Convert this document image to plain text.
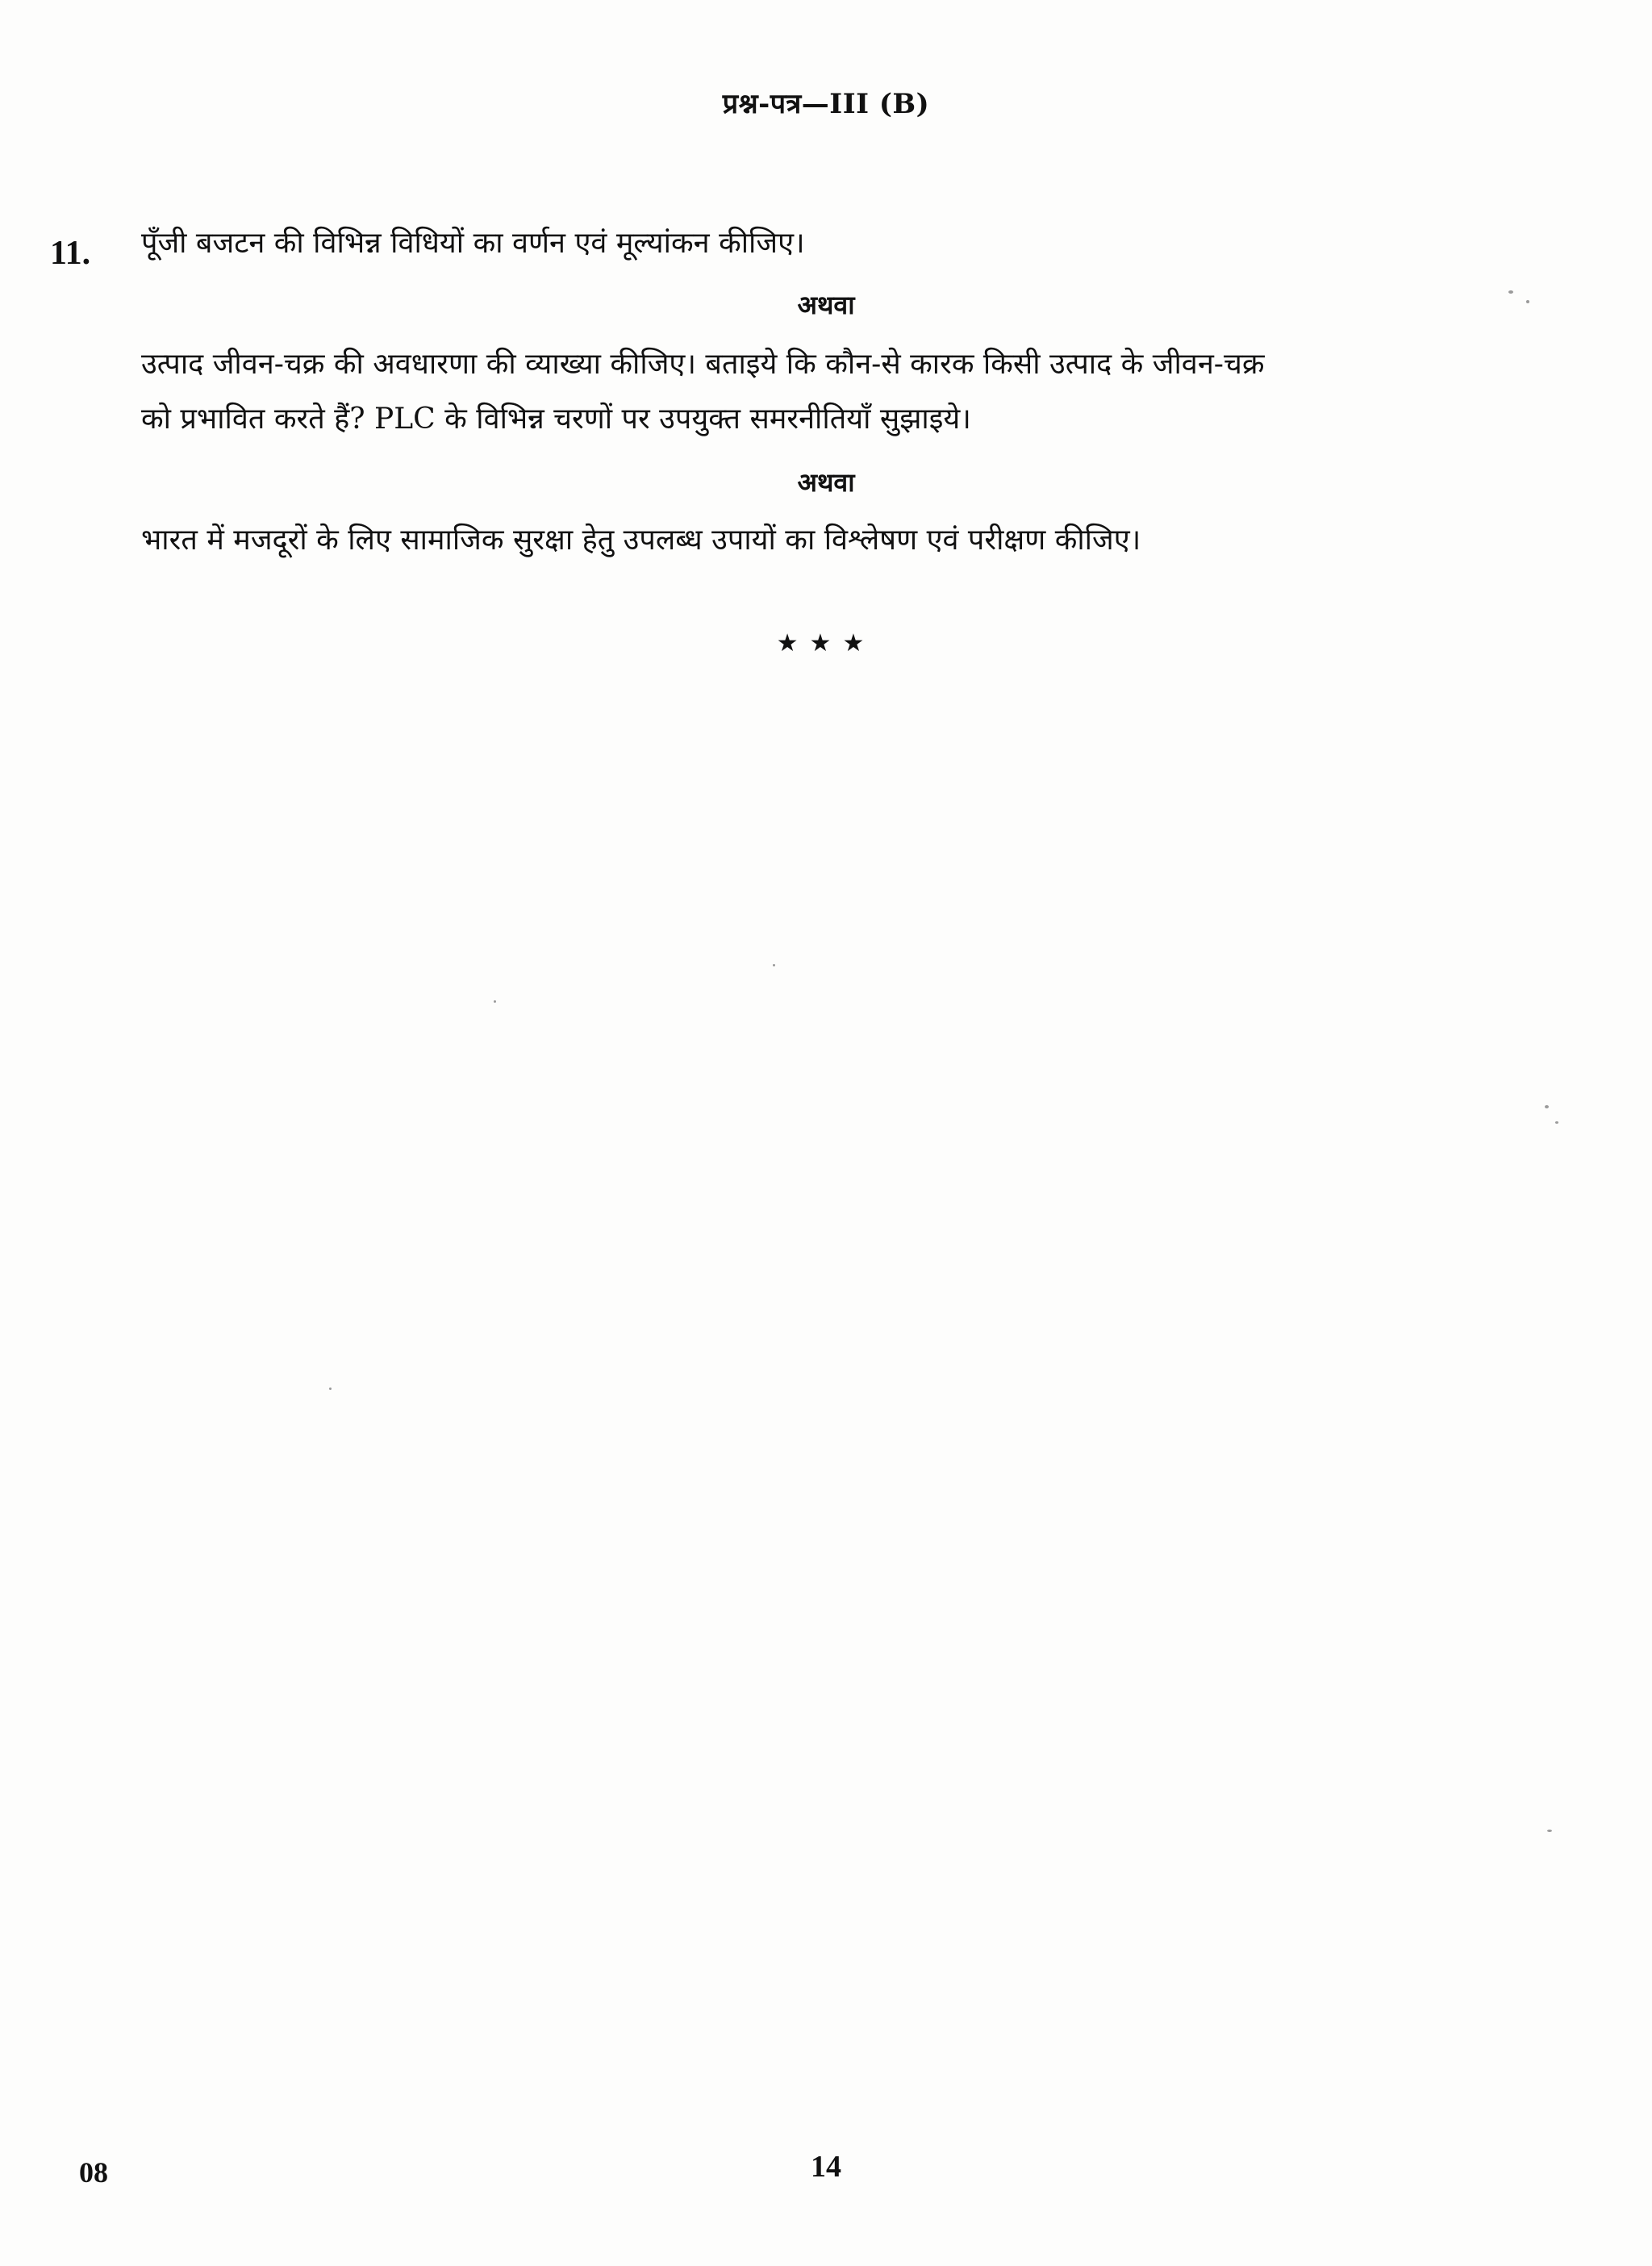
प्रश्न-पत्र—III (B)
11. पूँजी बजटन की विभिन्न विधियों का वर्णन एवं मूल्यांकन कीजिए।
अथवा
उत्पाद जीवन-चक्र की अवधारणा की व्याख्या कीजिए। बताइये कि कौन-से कारक किसी उत्पाद के जीवन-चक्र
को प्रभावित करते हैं? PLC के विभिन्न चरणों पर उपयुक्त समरनीतियाँ सुझाइये।
अथवा
भारत में मजदूरों के लिए सामाजिक सुरक्षा हेतु उपलब्ध उपायों का विश्लेषण एवं परीक्षण कीजिए।
★★★
08	14
